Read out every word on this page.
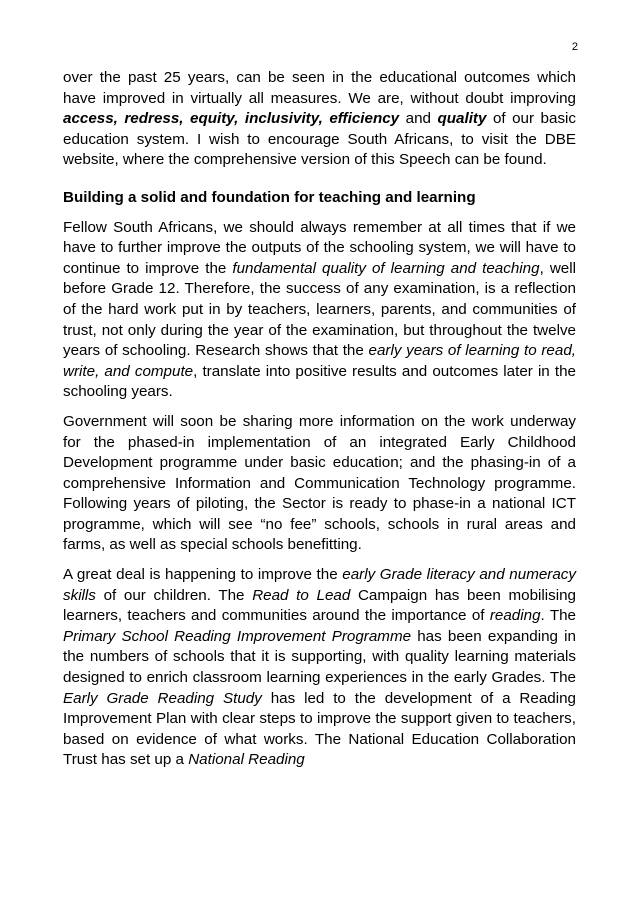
2

over the past 25 years, can be seen in the educational outcomes which have improved in virtually all measures. We are, without doubt improving access, redress, equity, inclusivity, efficiency and quality of our basic education system. I wish to encourage South Africans, to visit the DBE website, where the comprehensive version of this Speech can be found.

Building a solid and foundation for teaching and learning

Fellow South Africans, we should always remember at all times that if we have to further improve the outputs of the schooling system, we will have to continue to improve the fundamental quality of learning and teaching, well before Grade 12. Therefore, the success of any examination, is a reflection of the hard work put in by teachers, learners, parents, and communities of trust, not only during the year of the examination, but throughout the twelve years of schooling. Research shows that the early years of learning to read, write, and compute, translate into positive results and outcomes later in the schooling years.

Government will soon be sharing more information on the work underway for the phased-in implementation of an integrated Early Childhood Development programme under basic education; and the phasing-in of a comprehensive Information and Communication Technology programme. Following years of piloting, the Sector is ready to phase-in a national ICT programme, which will see “no fee” schools, schools in rural areas and farms, as well as special schools benefitting.

A great deal is happening to improve the early Grade literacy and numeracy skills of our children. The Read to Lead Campaign has been mobilising learners, teachers and communities around the importance of reading. The Primary School Reading Improvement Programme has been expanding in the numbers of schools that it is supporting, with quality learning materials designed to enrich classroom learning experiences in the early Grades. The Early Grade Reading Study has led to the development of a Reading Improvement Plan with clear steps to improve the support given to teachers, based on evidence of what works. The National Education Collaboration Trust has set up a National Reading
